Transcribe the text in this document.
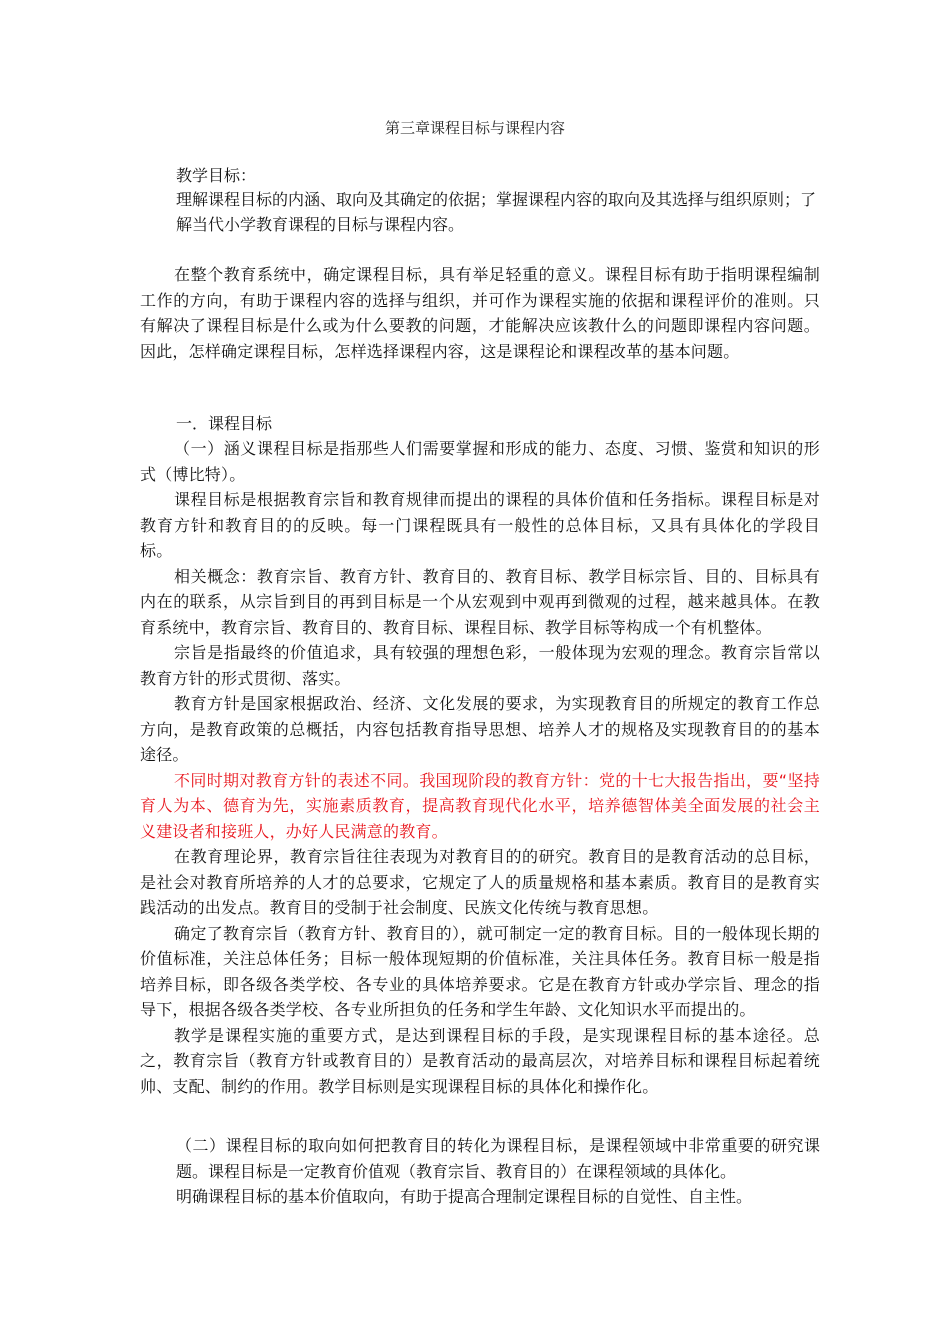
第三章课程目标与课程内容
教学目标：
理解课程目标的内涵、取向及其确定的依据；掌握课程内容的取向及其选择与组织原则；了解当代小学教育课程的目标与课程内容。

在整个教育系统中，确定课程目标，具有举足轻重的意义。课程目标有助于指明课程编制工作的方向，有助于课程内容的选择与组织，并可作为课程实施的依据和课程评价的准则。只有解决了课程目标是什么或为什么要教的问题，才能解决应该教什么的问题即课程内容问题。因此，怎样确定课程目标，怎样选择课程内容，这是课程论和课程改革的基本问题。

一．课程目标

（一）涵义课程目标是指那些人们需要掌握和形成的能力、态度、习惯、鉴赏和知识的形式（博比特）。

课程目标是根据教育宗旨和教育规律而提出的课程的具体价值和任务指标。课程目标是对教育方针和教育目的的反映。每一门课程既具有一般性的总体目标，又具有具体化的学段目标。

相关概念：教育宗旨、教育方针、教育目的、教育目标、教学目标宗旨、目的、目标具有内在的联系，从宗旨到目的再到目标是一个从宏观到中观再到微观的过程，越来越具体。在教育系统中，教育宗旨、教育目的、教育目标、课程目标、教学目标等构成一个有机整体。

宗旨是指最终的价值追求，具有较强的理想色彩，一般体现为宏观的理念。教育宗旨常以教育方针的形式贯彻、落实。

教育方针是国家根据政治、经济、文化发展的要求，为实现教育目的所规定的教育工作总方向，是教育政策的总概括，内容包括教育指导思想、培养人才的规格及实现教育目的的基本途径。

不同时期对教育方针的表述不同。我国现阶段的教育方针：党的十七大报告指出，要“坚持育人为本、德育为先，实施素质教育，提高教育现代化水平，培养德智体美全面发展的社会主义建设者和接班人，办好人民满意的教育。

在教育理论界，教育宗旨往往表现为对教育目的的研究。教育目的是教育活动的总目标，是社会对教育所培养的人才的总要求，它规定了人的质量规格和基本素质。教育目的是教育实践活动的出发点。教育目的受制于社会制度、民族文化传统与教育思想。

确定了教育宗旨（教育方针、教育目的），就可制定一定的教育目标。目的一般体现长期的价值标准，关注总体任务；目标一般体现短期的价值标准，关注具体任务。教育目标一般是指培养目标，即各级各类学校、各专业的具体培养要求。它是在教育方针或办学宗旨、理念的指导下，根据各级各类学校、各专业所担负的任务和学生年龄、文化知识水平而提出的。

教学是课程实施的重要方式，是达到课程目标的手段，是实现课程目标的基本途径。总之，教育宗旨（教育方针或教育目的）是教育活动的最高层次，对培养目标和课程目标起着统帅、支配、制约的作用。教学目标则是实现课程目标的具体化和操作化。

（二）课程目标的取向如何把教育目的转化为课程目标，是课程领域中非常重要的研究课题。课程目标是一定教育价值观（教育宗旨、教育目的）在课程领域的具体化。

明确课程目标的基本价值取向，有助于提高合理制定课程目标的自觉性、自主性。
